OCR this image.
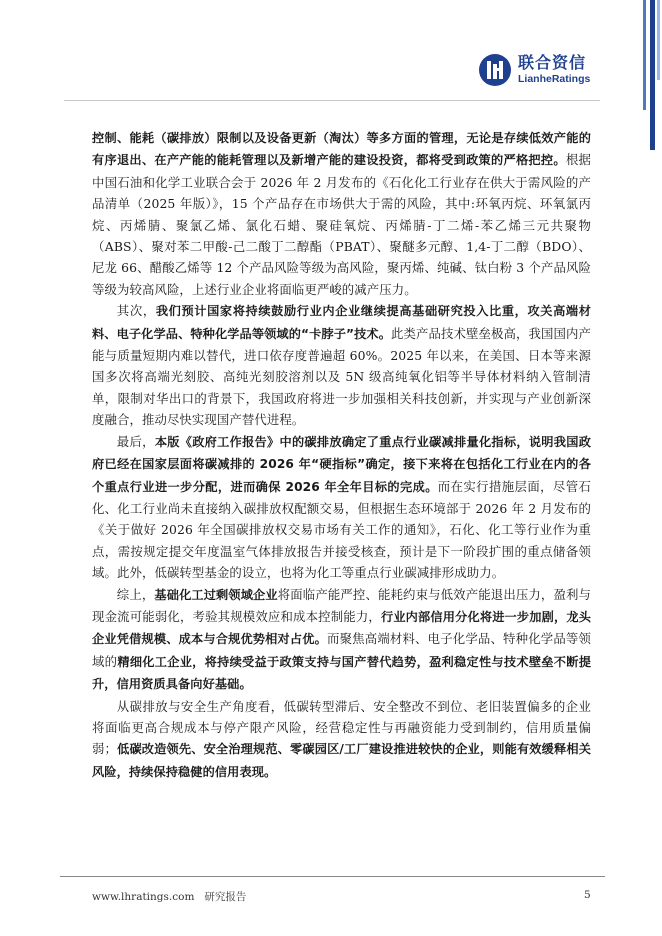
联合资信
LianheRatings

控制、能耗（碳排放）限制以及设备更新（淘汰）等多方面的管理，无论是存续低效产能的有序退出、在产产能的能耗管理以及新增产能的建设投资，都将受到政策的严格把控。根据中国石油和化学工业联合会于 2026 年 2 月发布的《石化化工行业存在供大于需风险的产品清单（2025 年版）》，15 个产品存在市场供大于需的风险，其中:环氧丙烷、环氧氯丙烷、丙烯腈、聚氯乙烯、氯化石蜡、聚硅氧烷、丙烯腈-丁二烯-苯乙烯三元共聚物（ABS）、聚对苯二甲酸-己二酸丁二醇酯（PBAT）、聚醚多元醇、1,4-丁二醇（BDO）、尼龙 66、醋酸乙烯等 12 个产品风险等级为高风险，聚丙烯、纯碱、钛白粉 3 个产品风险等级为较高风险，上述行业企业将面临更严峻的减产压力。

其次，我们预计国家将持续鼓励行业内企业继续提高基础研究投入比重，攻关高端材料、电子化学品、特种化学品等领域的“卡脖子”技术。此类产品技术壁垒极高，我国国内产能与质量短期内难以替代，进口依存度普遍超 60%。2025 年以来，在美国、日本等来源国多次将高端光刻胶、高纯光刻胶溶剂以及 5N 级高纯氧化铝等半导体材料纳入管制清单，限制对华出口的背景下，我国政府将进一步加强相关科技创新，并实现与产业创新深度融合，推动尽快实现国产替代进程。

最后，本版《政府工作报告》中的碳排放确定了重点行业碳减排量化指标，说明我国政府已经在国家层面将碳减排的 2026 年“硬指标”确定，接下来将在包括化工行业在内的各个重点行业进一步分配，进而确保 2026 年全年目标的完成。而在实行措施层面，尽管石化、化工行业尚未直接纳入碳排放权配额交易，但根据生态环境部于 2026 年 2 月发布的《关于做好 2026 年全国碳排放权交易市场有关工作的通知》，石化、化工等行业作为重点，需按规定提交年度温室气体排放报告并接受核查，预计是下一阶段扩围的重点储备领域。此外，低碳转型基金的设立，也将为化工等重点行业碳减排形成助力。

综上，基础化工过剩领域企业将面临产能严控、能耗约束与低效产能退出压力，盈利与现金流可能弱化，考验其规模效应和成本控制能力，行业内部信用分化将进一步加剧，龙头企业凭借规模、成本与合规优势相对占优。而聚焦高端材料、电子化学品、特种化学品等领域的精细化工企业，将持续受益于政策支持与国产替代趋势，盈利稳定性与技术壁垒不断提升，信用资质具备向好基础。

从碳排放与安全生产角度看，低碳转型滞后、安全整改不到位、老旧装置偏多的企业将面临更高合规成本与停产限产风险，经营稳定性与再融资能力受到制约，信用质量偏弱；低碳改造领先、安全治理规范、零碳园区/工厂建设推进较快的企业，则能有效缓释相关风险，持续保持稳健的信用表现。

www.lhratings.com 研究报告	5
